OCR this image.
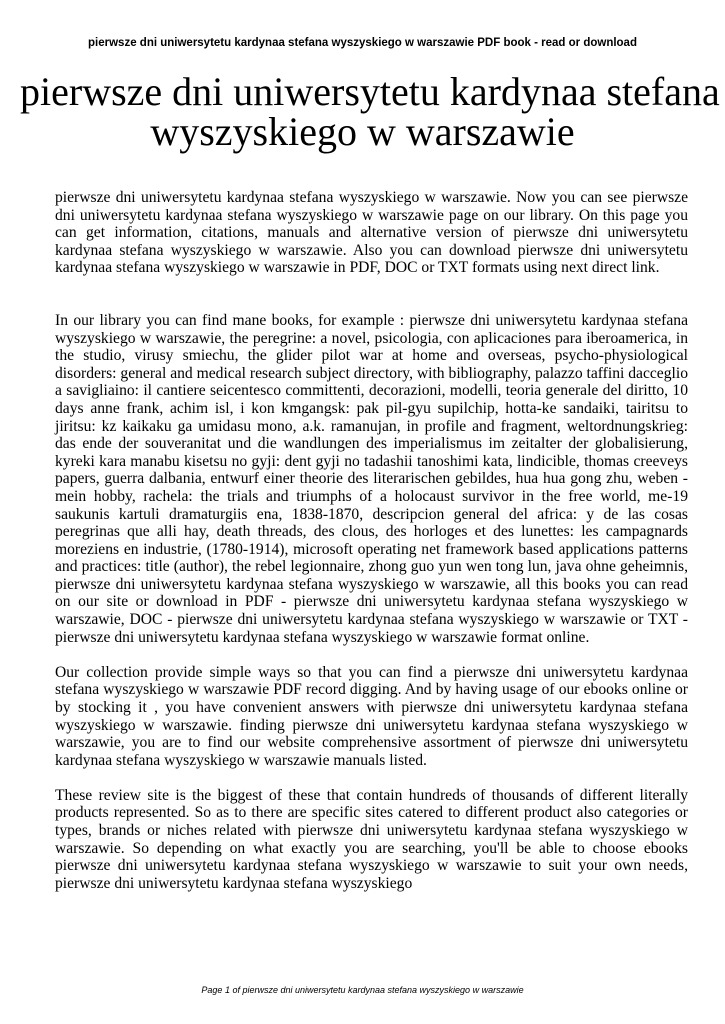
pierwsze dni uniwersytetu kardynaa stefana wyszyskiego w warszawie PDF book - read or download
pierwsze dni uniwersytetu kardynaa stefana
wyszyskiego w warszawie

pierwsze dni uniwersytetu kardynaa stefana wyszyskiego w warszawie. Now you can see pierwsze dni uniwersytetu kardynaa stefana wyszyskiego w warszawie page on our library. On this page you can get information, citations, manuals and alternative version of pierwsze dni uniwersytetu kardynaa stefana wyszyskiego w warszawie. Also you can download pierwsze dni uniwersytetu kardynaa stefana wyszyskiego w warszawie in PDF, DOC or TXT formats using next direct link.

In our library you can find mane books, for example : pierwsze dni uniwersytetu kardynaa stefana wyszyskiego w warszawie, the peregrine: a novel, psicologia, con aplicaciones para iberoamerica, in the studio, virusy smiechu, the glider pilot war at home and overseas, psycho-physiological disorders: general and medical research subject directory, with bibliography, palazzo taffini dacceglio a savigliaino: il cantiere seicentesco committenti, decorazioni, modelli, teoria generale del diritto, 10 days anne frank, achim isl, i kon kmgangsk: pak pil-gyu supilchip, hotta-ke sandaiki, tairitsu to jiritsu: kz kaikaku ga umidasu mono, a.k. ramanujan, in profile and fragment, weltordnungskrieg: das ende der souveranitat und die wandlungen des imperialismus im zeitalter der globalisierung, kyreki kara manabu kisetsu no gyji: dent gyji no tadashii tanoshimi kata, lindicible, thomas creeveys papers, guerra dalbania, entwurf einer theorie des literarischen gebildes, hua hua gong zhu, weben - mein hobby, rachela: the trials and triumphs of a holocaust survivor in the free world, me-19 saukunis kartuli dramaturgiis ena, 1838-1870, descripcion general del africa: y de las cosas peregrinas que alli hay, death threads, des clous, des horloges et des lunettes: les campagnards moreziens en industrie, (1780-1914), microsoft operating net framework based applications patterns and practices: title (author), the rebel legionnaire, zhong guo yun wen tong lun, java ohne geheimnis, pierwsze dni uniwersytetu kardynaa stefana wyszyskiego w warszawie, all this books you can read on our site or download in PDF - pierwsze dni uniwersytetu kardynaa stefana wyszyskiego w warszawie, DOC - pierwsze dni uniwersytetu kardynaa stefana wyszyskiego w warszawie or TXT - pierwsze dni uniwersytetu kardynaa stefana wyszyskiego w warszawie format online.

Our collection provide simple ways so that you can find a pierwsze dni uniwersytetu kardynaa stefana wyszyskiego w warszawie PDF record digging. And by having usage of our ebooks online or by stocking it , you have convenient answers with pierwsze dni uniwersytetu kardynaa stefana wyszyskiego w warszawie. finding pierwsze dni uniwersytetu kardynaa stefana wyszyskiego w warszawie, you are to find our website comprehensive assortment of pierwsze dni uniwersytetu kardynaa stefana wyszyskiego w warszawie manuals listed.

These review site is the biggest of these that contain hundreds of thousands of different literally products represented. So as to there are specific sites catered to different product also categories or types, brands or niches related with pierwsze dni uniwersytetu kardynaa stefana wyszyskiego w warszawie. So depending on what exactly you are searching, you'll be able to choose ebooks pierwsze dni uniwersytetu kardynaa stefana wyszyskiego w warszawie to suit your own needs, pierwsze dni uniwersytetu kardynaa stefana wyszyskiego

Page 1 of pierwsze dni uniwersytetu kardynaa stefana wyszyskiego w warszawie
